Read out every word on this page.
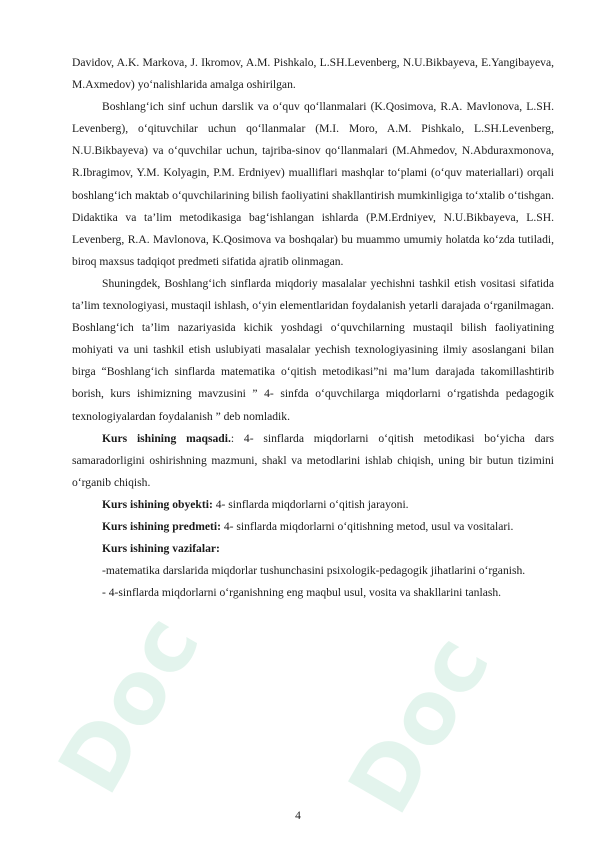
Doc Doc

Davidov, A.K. Markova, J. Ikromov, A.M. Pishkalo, L.SH.Levenberg, N.U.Bikbayeva, E.Yangibayeva, M.Axmedov) yo‘nalishlarida amalga oshirilgan.

Boshlang‘ich sinf uchun darslik va o‘quv qo‘llanmalari (K.Qosimova, R.A. Mavlonova, L.SH. Levenberg), o‘qituvchilar uchun qo‘llanmalar (M.I. Moro, A.M. Pishkalo, L.SH.Levenberg, N.U.Bikbayeva) va o‘quvchilar uchun, tajriba-sinov qo‘llanmalari (M.Ahmedov, N.Abduraxmonova, R.Ibragimov, Y.M. Kolyagin, P.M. Erdniyev) mualliflari mashqlar to‘plami (o‘quv materiallari) orqali boshlang‘ich maktab o‘quvchilarining bilish faoliyatini shakllantirish mumkinligiga to‘xtalib o‘tishgan. Didaktika va ta’lim metodikasiga bag‘ishlangan ishlarda (P.M.Erdniyev, N.U.Bikbayeva, L.SH. Levenberg, R.A. Mavlonova, K.Qosimova va boshqalar) bu muammo umumiy holatda ko‘zda tutiladi, biroq maxsus tadqiqot predmeti sifatida ajratib olinmagan.

Shuningdek, Boshlang‘ich sinflarda miqdoriy masalalar yechishni tashkil etish vositasi sifatida ta’lim texnologiyasi, mustaqil ishlash, o‘yin elementlaridan foydalanish yetarli darajada o‘rganilmagan. Boshlang‘ich ta’lim nazariyasida kichik yoshdagi o‘quvchilarning mustaqil bilish faoliyatining mohiyati va uni tashkil etish uslubiyati masalalar yechish texnologiyasining ilmiy asoslangani bilan birga “Boshlang‘ich sinflarda matematika o‘qitish metodikasi”ni ma’lum darajada takomillashtirib borish, kurs ishimizning mavzusini ” 4- sinfda o‘quvchilarga miqdorlarni o‘rgatishda pedagogik texnologiyalardan foydalanish ” deb nomladik.

Kurs ishining maqsadi.: 4- sinflarda miqdorlarni o‘qitish metodikasi bo‘yicha dars samaradorligini oshirishning mazmuni, shakl va metodlarini ishlab chiqish, uning bir butun tizimini o‘rganib chiqish.

Kurs ishining obyekti: 4- sinflarda miqdorlarni o‘qitish jarayoni.

Kurs ishining predmeti: 4- sinflarda miqdorlarni o‘qitishning metod, usul va vositalari.

Kurs ishining vazifalar:

-matematika darslarida miqdorlar tushunchasini psixologik-pedagogik jihatlarini o‘rganish.

- 4-sinflarda miqdorlarni o‘rganishning eng maqbul usul, vosita va shakllarini tanlash.

4
